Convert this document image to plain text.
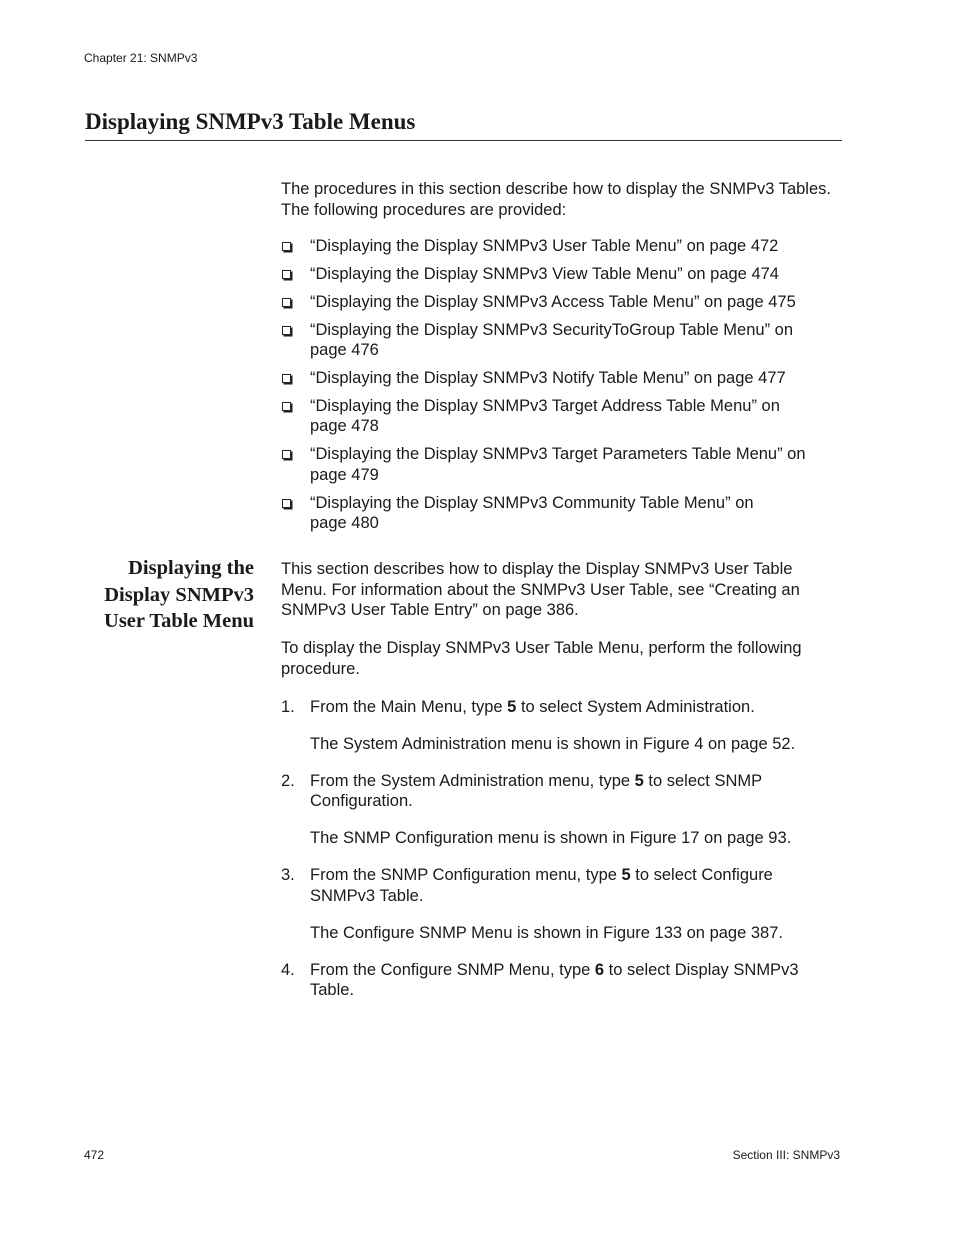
Chapter 21: SNMPv3
Displaying SNMPv3 Table Menus

The procedures in this section describe how to display the SNMPv3 Tables. The following procedures are provided:

“Displaying the Display SNMPv3 User Table Menu” on page 472
“Displaying the Display SNMPv3 View Table Menu” on page 474
“Displaying the Display SNMPv3 Access Table Menu” on page 475
“Displaying the Display SNMPv3 SecurityToGroup Table Menu” on
page 476
“Displaying the Display SNMPv3 Notify Table Menu” on page 477
“Displaying the Display SNMPv3 Target Address Table Menu” on
page 478
“Displaying the Display SNMPv3 Target Parameters Table Menu” on
page 479
“Displaying the Display SNMPv3 Community Table Menu” on
page 480
Displaying the
Display SNMPv3
User Table Menu

This section describes how to display the Display SNMPv3 User Table
Menu. For information about the SNMPv3 User Table, see “Creating an
SNMPv3 User Table Entry” on page 386.

To display the Display SNMPv3 User Table Menu, perform the following
procedure.

1. From the Main Menu, type 5 to select System Administration.

The System Administration menu is shown in Figure 4 on page 52.

2. From the System Administration menu, type 5 to select SNMP
Configuration.

The SNMP Configuration menu is shown in Figure 17 on page 93.

3. From the SNMP Configuration menu, type 5 to select Configure
SNMPv3 Table.

The Configure SNMP Menu is shown in Figure 133 on page 387.

4. From the Configure SNMP Menu, type 6 to select Display SNMPv3
Table.
472	Section III: SNMPv3
